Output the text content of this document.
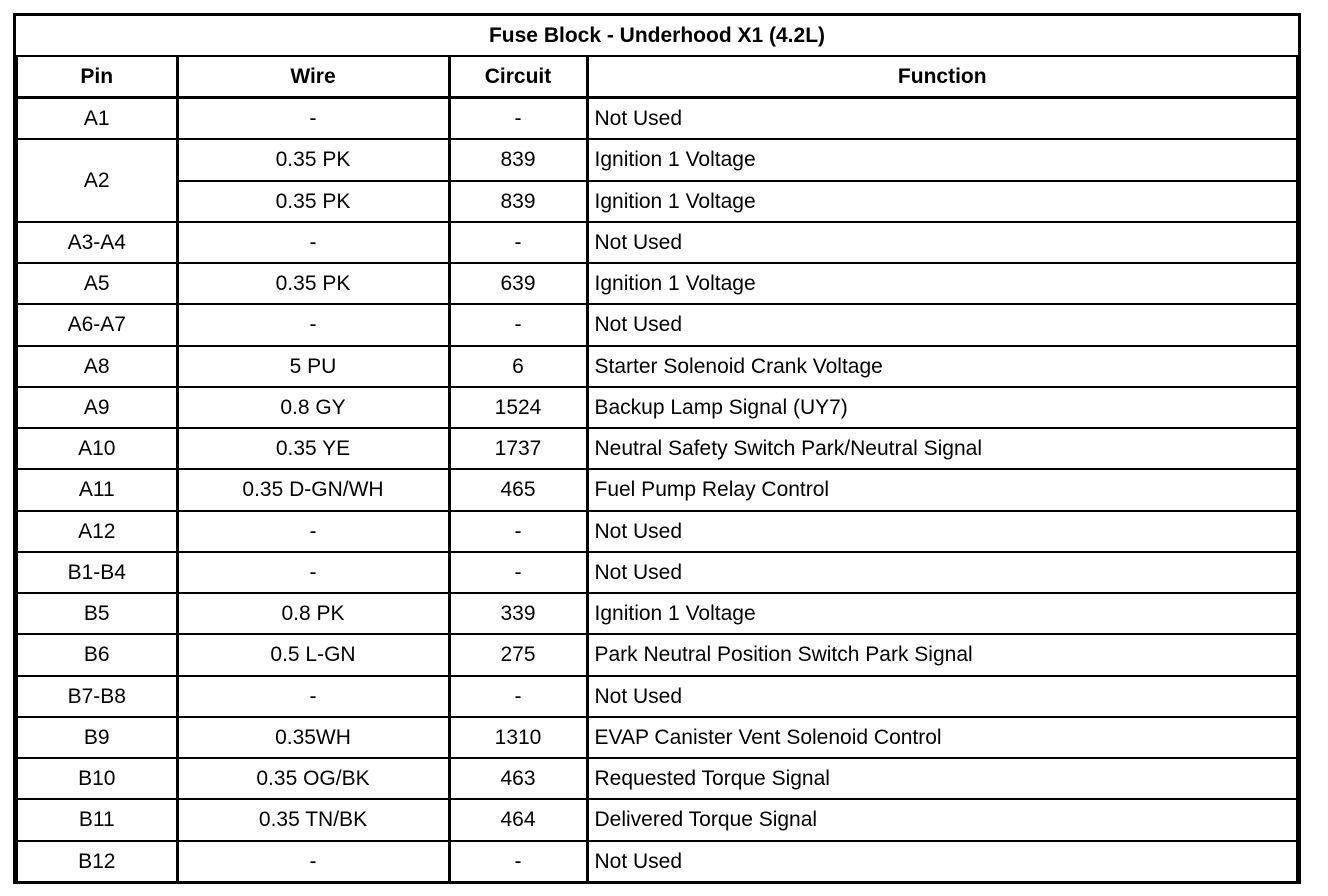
Fuse Block - Underhood X1 (4.2L)			
Pin	Wire	Circuit	Function
A1	-	-	Not Used
A2	0.35 PK	839	Ignition 1 Voltage
	0.35 PK	839	Ignition 1 Voltage
A3-A4	-	-	Not Used
A5	0.35 PK	639	Ignition 1 Voltage
A6-A7	-	-	Not Used
A8	5 PU	6	Starter Solenoid Crank Voltage
A9	0.8 GY	1524	Backup Lamp Signal (UY7)
A10	0.35 YE	1737	Neutral Safety Switch Park/Neutral Signal
A11	0.35 D-GN/WH	465	Fuel Pump Relay Control
A12	-	-	Not Used
B1-B4	-	-	Not Used
B5	0.8 PK	339	Ignition 1 Voltage
B6	0.5 L-GN	275	Park Neutral Position Switch Park Signal
B7-B8	-	-	Not Used
B9	0.35WH	1310	EVAP Canister Vent Solenoid Control
B10	0.35 OG/BK	463	Requested Torque Signal
B11	0.35 TN/BK	464	Delivered Torque Signal
B12	-	-	Not Used
